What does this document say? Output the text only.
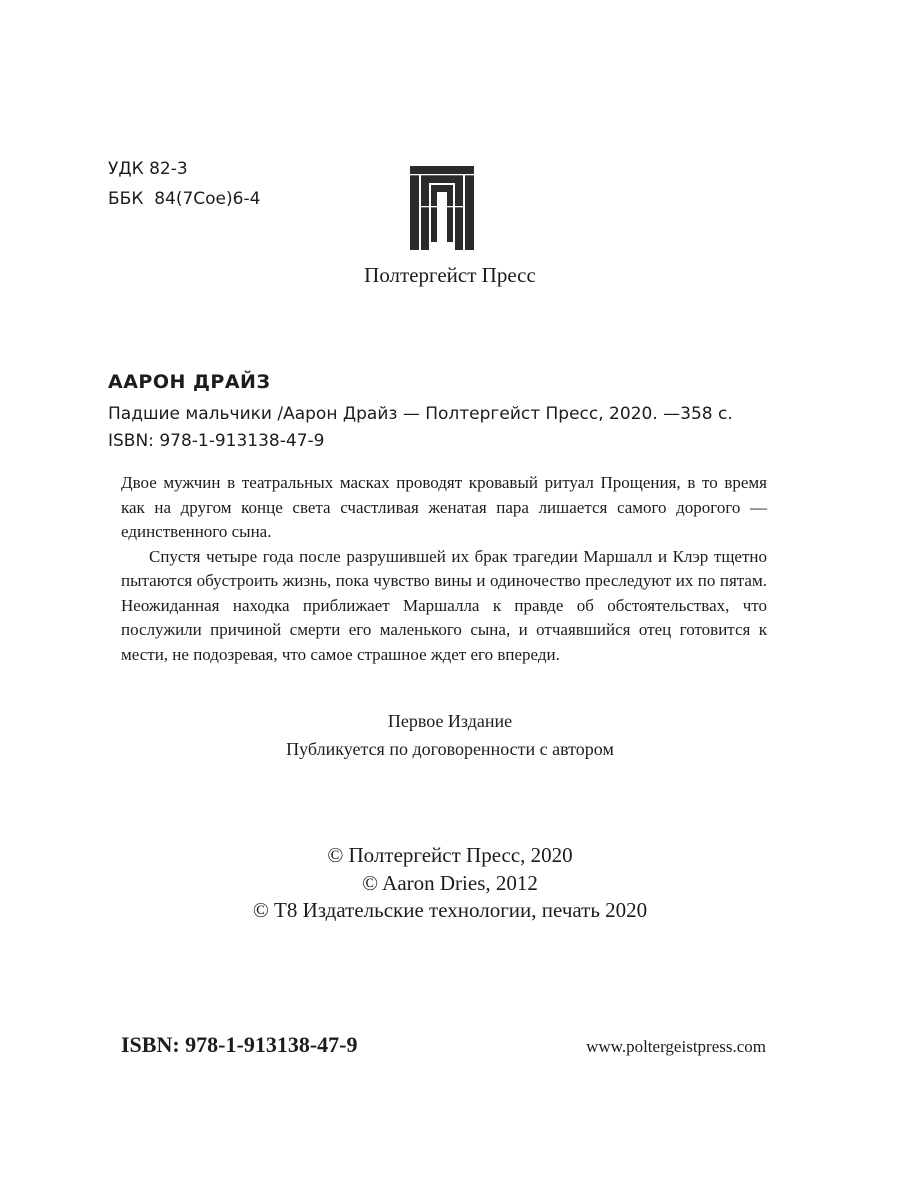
УДК 82-3
ББК  84(7Сое)6-4
Полтергейст Пресс
ААРОН ДРАЙЗ
Падшие мальчики /Аарон Драйз — Полтергейст Пресс, 2020. —358 с.
ISBN: 978-1-913138-47-9

Двое мужчин в театральных масках проводят кровавый ритуал Прощения, в то время как на другом конце света счастливая женатая пара лишается самого дорогого — единственного сына.

Спустя четыре года после разрушившей их брак трагедии Маршалл и Клэр тщетно пытаются обустроить жизнь, пока чувство вины и одиночество преследуют их по пятам. Неожиданная находка приближает Маршалла к правде об обстоятельствах, что послужили причиной смерти его маленького сына, и отчаявшийся отец готовится к мести, не подозревая, что самое страшное ждет его впереди.

Первое Издание
Публикуется по договоренности с автором
© Полтергейст Пресс, 2020
© Aaron Dries, 2012
© Т8 Издательские технологии, печать 2020
ISBN: 978-1-913138-47-9	www.poltergeistpress.com
